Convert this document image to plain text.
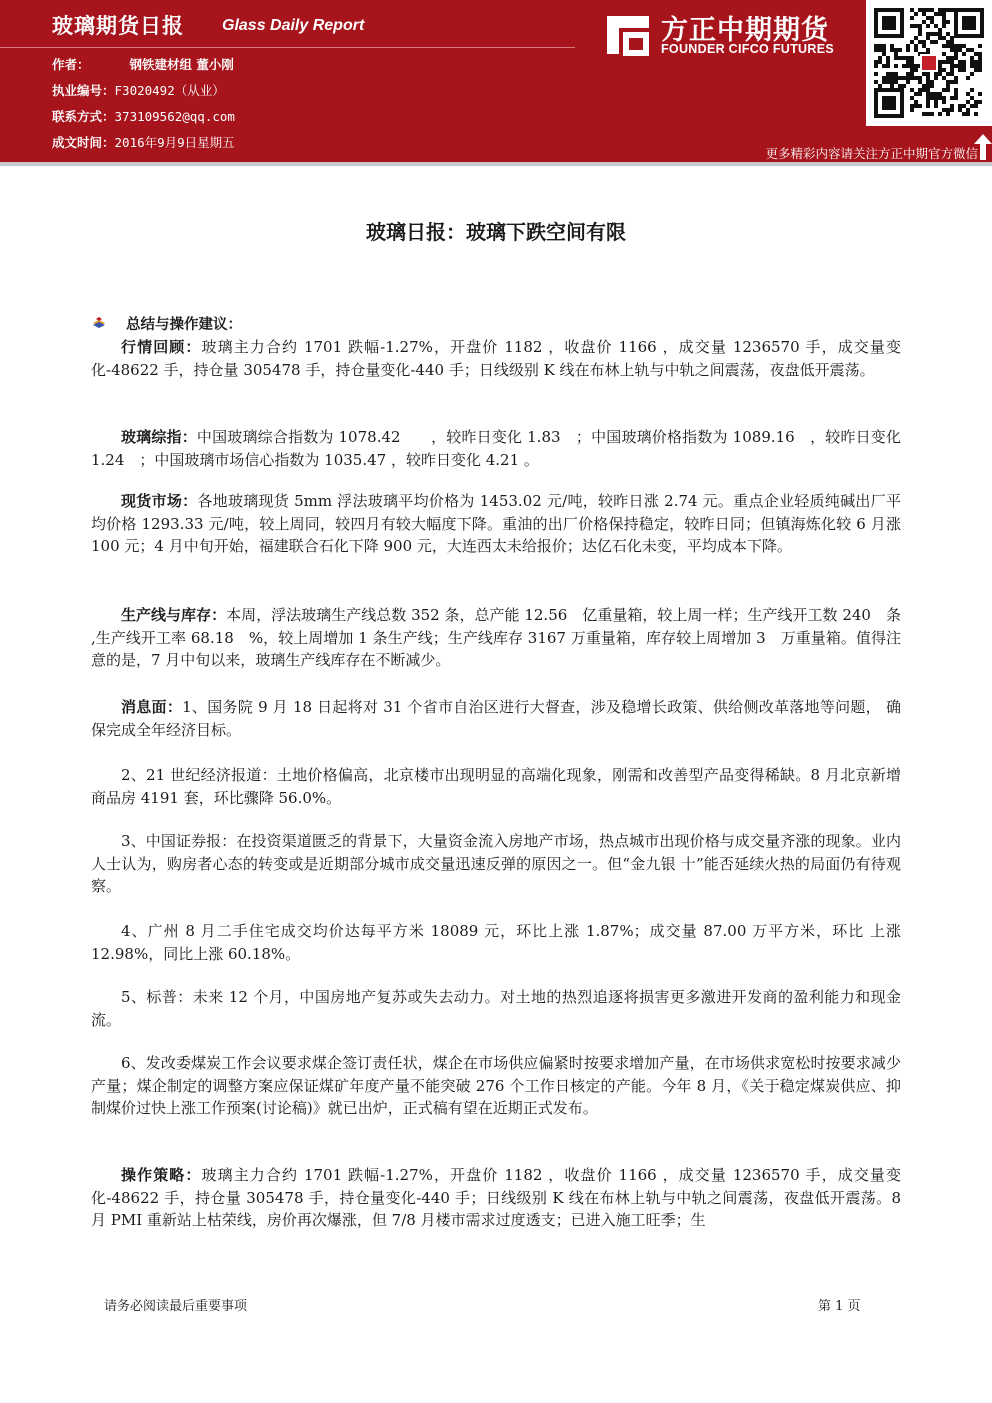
玻璃期货日报 Glass Daily Report
作者：	钢铁建材组 董小刚
执业编号：F3020492（从业）
联系方式：373109562@qq.com
成文时间：2016年9月9日星期五
方正中期期货
FOUNDER CIFCO FUTURES
更多精彩内容请关注方正中期官方微信
玻璃日报：玻璃下跌空间有限
总结与操作建议：

行情回顾：玻璃主力合约 1701 跌幅-1.27%，开盘价 1182 ，收盘价 1166 ，成交量 1236570 手，成交量变化-48622 手，持仓量 305478 手，持仓量变化-440 手；日线级别 K 线在布林上轨与中轨之间震荡，夜盘低开震荡。

玻璃综指：中国玻璃综合指数为 1078.42　　，较昨日变化 1.83　；中国玻璃价格指数为 1089.16　，较昨日变化 1.24　；中国玻璃市场信心指数为 1035.47 ，较昨日变化 4.21 。

现货市场：各地玻璃现货 5mm 浮法玻璃平均价格为 1453.02 元/吨，较昨日涨 2.74 元。重点企业轻质纯碱出厂平均价格 1293.33 元/吨，较上周同，较四月有较大幅度下降。重油的出厂价格保持稳定，较昨日同；但镇海炼化较 6 月涨 100 元；4 月中旬开始，福建联合石化下降 900 元，大连西太未给报价；达亿石化未变，平均成本下降。

生产线与库存：本周，浮法玻璃生产线总数 352 条，总产能 12.56　亿重量箱，较上周一样；生产线开工数 240　条 ,生产线开工率 68.18　%，较上周增加 1 条生产线；生产线库存 3167 万重量箱，库存较上周增加 3　万重量箱。值得注意的是，7 月中旬以来，玻璃生产线库存在不断减少。

消息面：1、国务院 9 月 18 日起将对 31 个省市自治区进行大督查，涉及稳增长政策、供给侧改革落地等问题， 确保完成全年经济目标。

2、21 世纪经济报道：土地价格偏高，北京楼市出现明显的高端化现象，刚需和改善型产品变得稀缺。8 月北京新增商品房 4191 套，环比骤降 56.0%。

3、中国证券报：在投资渠道匮乏的背景下，大量资金流入房地产市场，热点城市出现价格与成交量齐涨的现象。业内人士认为，购房者心态的转变或是近期部分城市成交量迅速反弹的原因之一。但“金九银 十”能否延续火热的局面仍有待观察。

4、广州 8 月二手住宅成交均价达每平方米 18089 元，环比上涨 1.87%；成交量 87.00 万平方米，环比 上涨 12.98%，同比上涨 60.18%。

5、标普：未来 12 个月，中国房地产复苏或失去动力。对土地的热烈追逐将损害更多激进开发商的盈利能力和现金流。

6、发改委煤炭工作会议要求煤企签订责任状，煤企在市场供应偏紧时按要求增加产量，在市场供求宽松时按要求减少产量；煤企制定的调整方案应保证煤矿年度产量不能突破 276 个工作日核定的产能。今年 8 月，《关于稳定煤炭供应、抑制煤价过快上涨工作预案(讨论稿)》就已出炉，正式稿有望在近期正式发布。

操作策略：玻璃主力合约 1701 跌幅-1.27%，开盘价 1182 ，收盘价 1166 ，成交量 1236570 手，成交量变化-48622 手，持仓量 305478 手，持仓量变化-440 手；日线级别 K 线在布林上轨与中轨之间震荡，夜盘低开震荡。8 月 PMI 重新站上枯荣线，房价再次爆涨，但 7/8 月楼市需求过度透支；已进入施工旺季；生

请务必阅读最后重要事项	第 1 页
